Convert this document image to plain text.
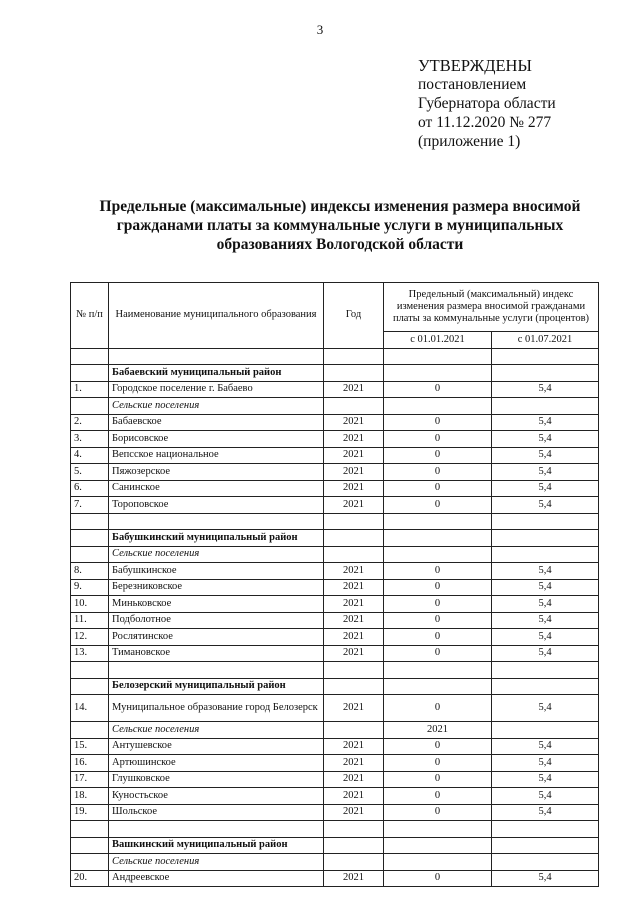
3
УТВЕРЖДЕНЫ
постановлением
Губернатора области
от 11.12.2020 № 277
(приложение 1)
Предельные (максимальные) индексы изменения размера вносимой
гражданами платы за коммунальные услуги в муниципальных
образованиях Вологодской области
№ п/п	Наименование муниципального образования	Год	Предельный (максимальный) индекс изменения размера вносимой гражданами платы за коммунальные услуги (процентов)	
			с 01.01.2021	с 01.07.2021

	Бабаевский муниципальный район			
1.	Городское поселение г. Бабаево	2021	0	5,4
	Сельские поселения			
2.	Бабаевское	2021	0	5,4
3.	Борисовское	2021	0	5,4
4.	Вепсское национальное	2021	0	5,4
5.	Пяжозерское	2021	0	5,4
6.	Санинское	2021	0	5,4
7.	Тороповское	2021	0	5,4

	Бабушкинский муниципальный район			
	Сельские поселения			
8.	Бабушкинское	2021	0	5,4
9.	Березниковское	2021	0	5,4
10.	Миньковское	2021	0	5,4
11.	Подболотное	2021	0	5,4
12.	Рослятинское	2021	0	5,4
13.	Тимановское	2021	0	5,4

	Белозерский муниципальный район			
14.	Муниципальное образование город Белозерск	2021	0	5,4
	Сельские поселения		2021	
15.	Антушевское	2021	0	5,4
16.	Артюшинское	2021	0	5,4
17.	Глушковское	2021	0	5,4
18.	Куностьское	2021	0	5,4
19.	Шольское	2021	0	5,4

	Вашкинский муниципальный район			
	Сельские поселения			
20.	Андреевское	2021	0	5,4
